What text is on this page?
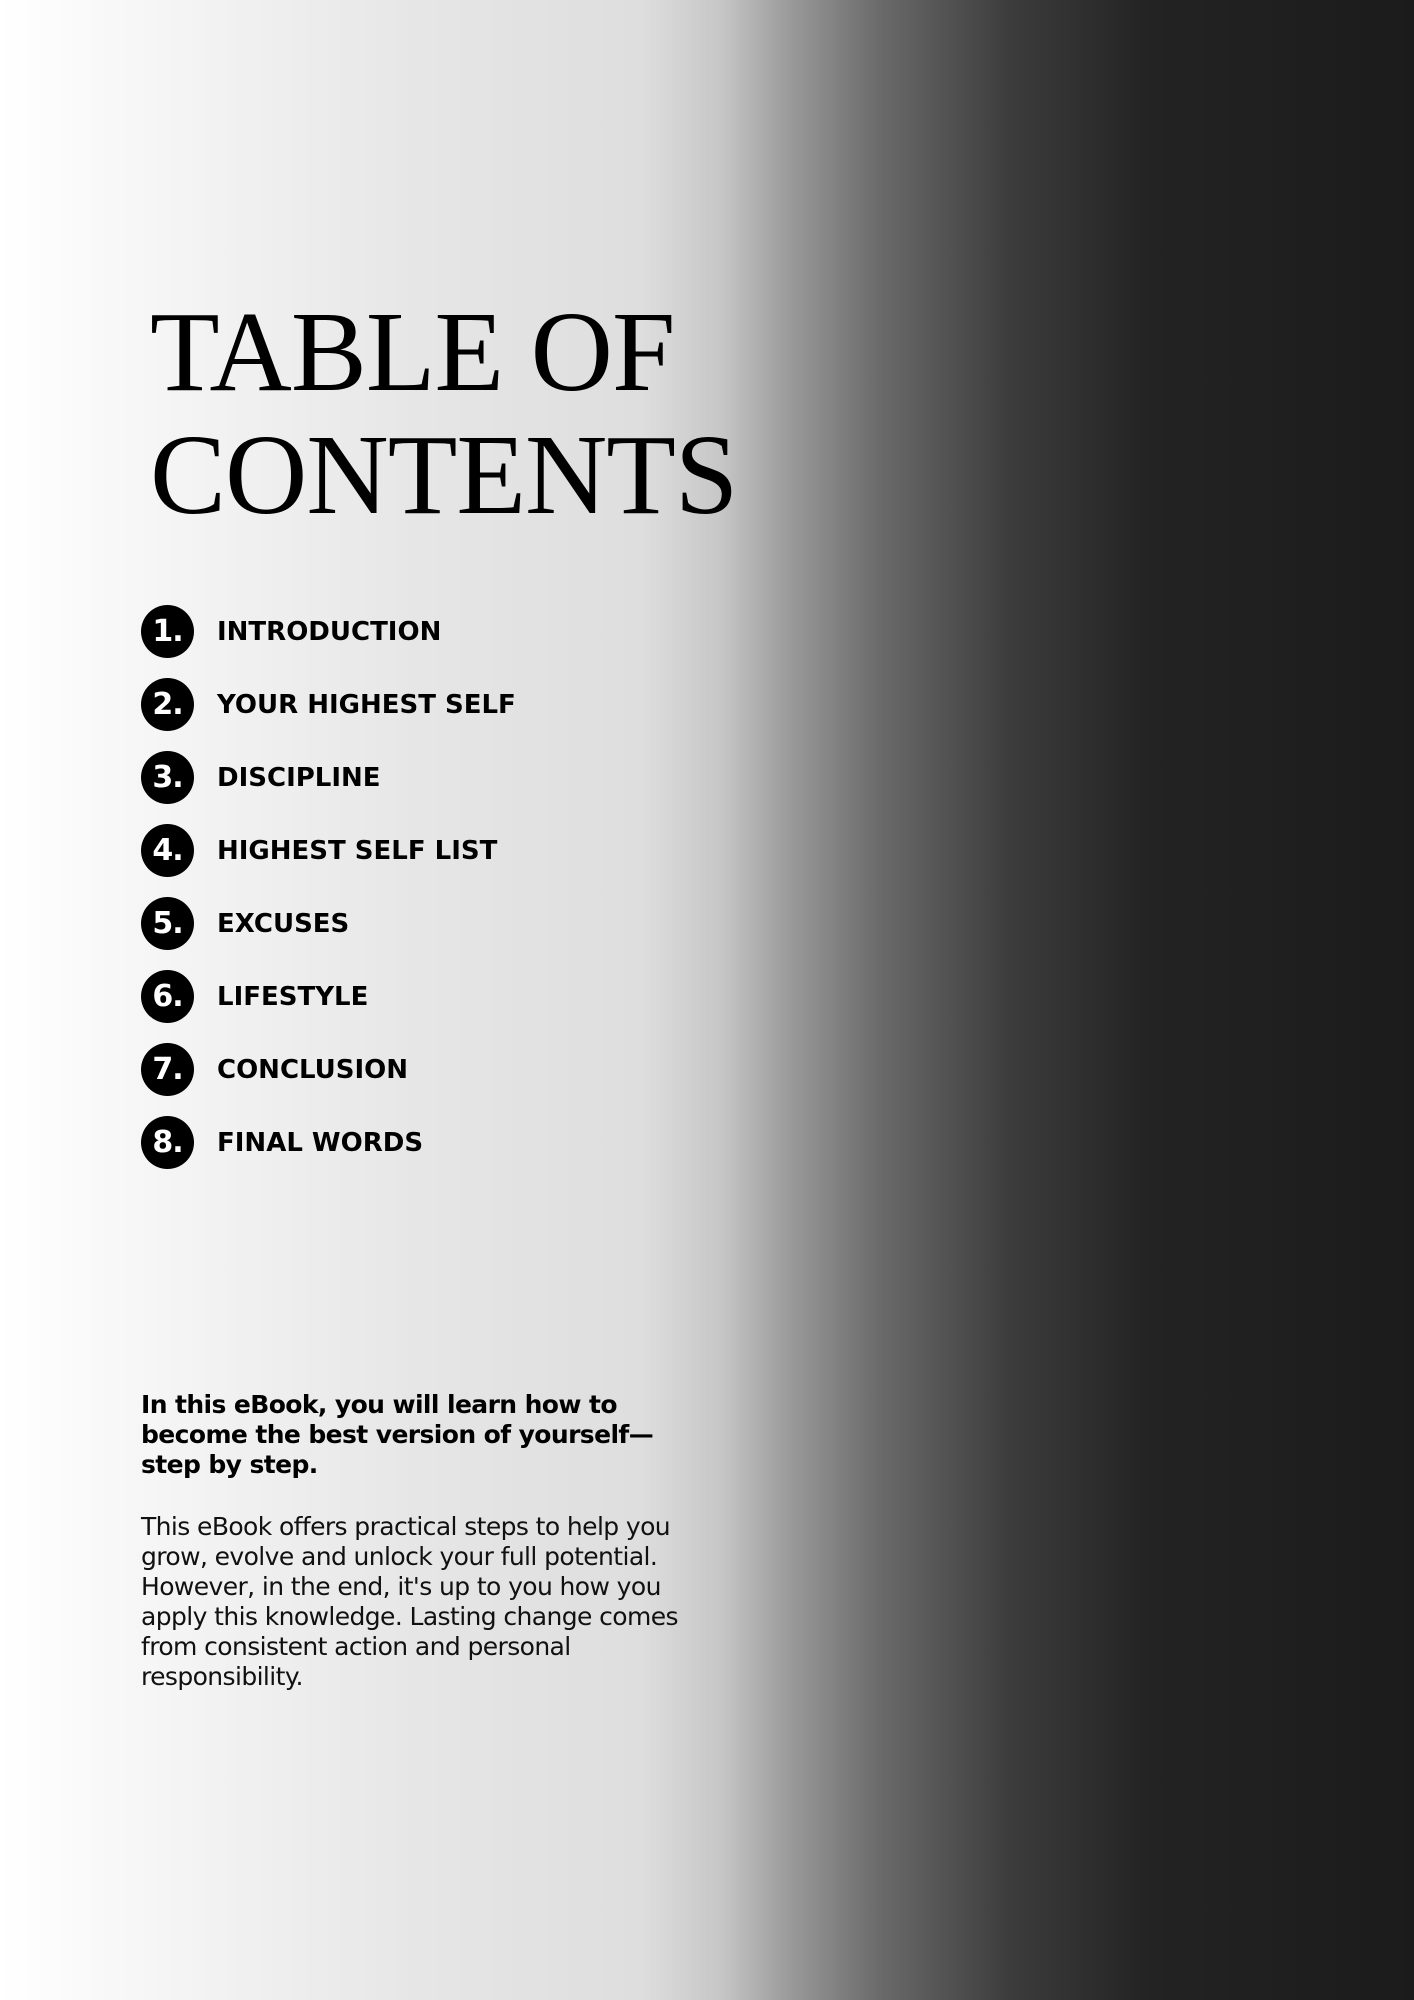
TABLE OF
CONTENTS
1.	INTRODUCTION
2.	YOUR HIGHEST SELF
3.	DISCIPLINE
4.	HIGHEST SELF LIST
5.	EXCUSES
6.	LIFESTYLE
7.	CONCLUSION
8.	FINAL WORDS

In this eBook, you will learn how to become the best version of yourself—step by step.

This eBook offers practical steps to help you grow, evolve and unlock your full potential. However, in the end, it's up to you how you apply this knowledge. Lasting change comes from consistent action and personal responsibility.
